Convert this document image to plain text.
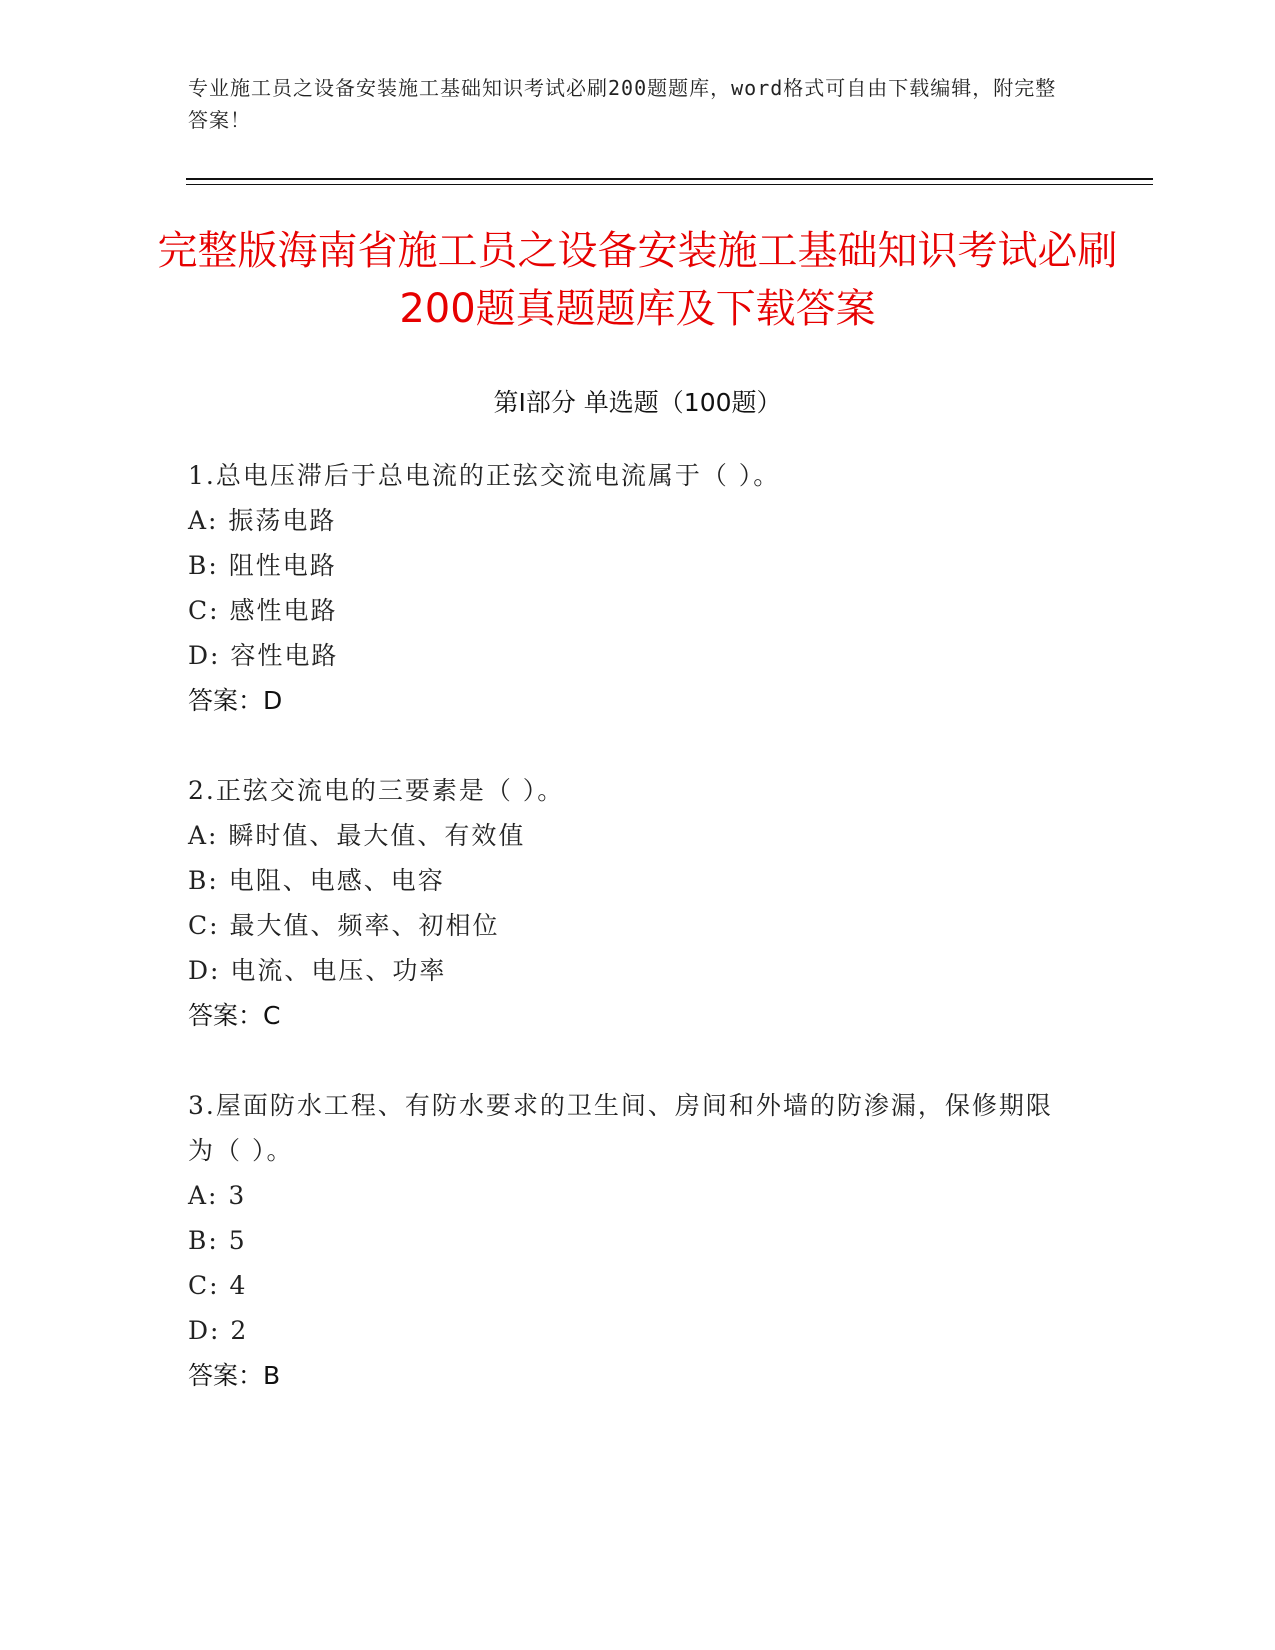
专业施工员之设备安装施工基础知识考试必刷200题题库，word格式可自由下载编辑，附完整答案！
完整版海南省施工员之设备安装施工基础知识考试必刷200题真题题库及下载答案
第Ⅰ部分 单选题（100题）
1.总电压滞后于总电流的正弦交流电流属于（ ）。
A: 振荡电路
B: 阻性电路
C: 感性电路
D: 容性电路
答案：D
2.正弦交流电的三要素是（ ）。
A: 瞬时值、最大值、有效值
B: 电阻、电感、电容
C: 最大值、频率、初相位
D: 电流、电压、功率
答案：C
3.屋面防水工程、有防水要求的卫生间、房间和外墙的防渗漏，保修期限为（ ）。
A: 3
B: 5
C: 4
D: 2
答案：B
